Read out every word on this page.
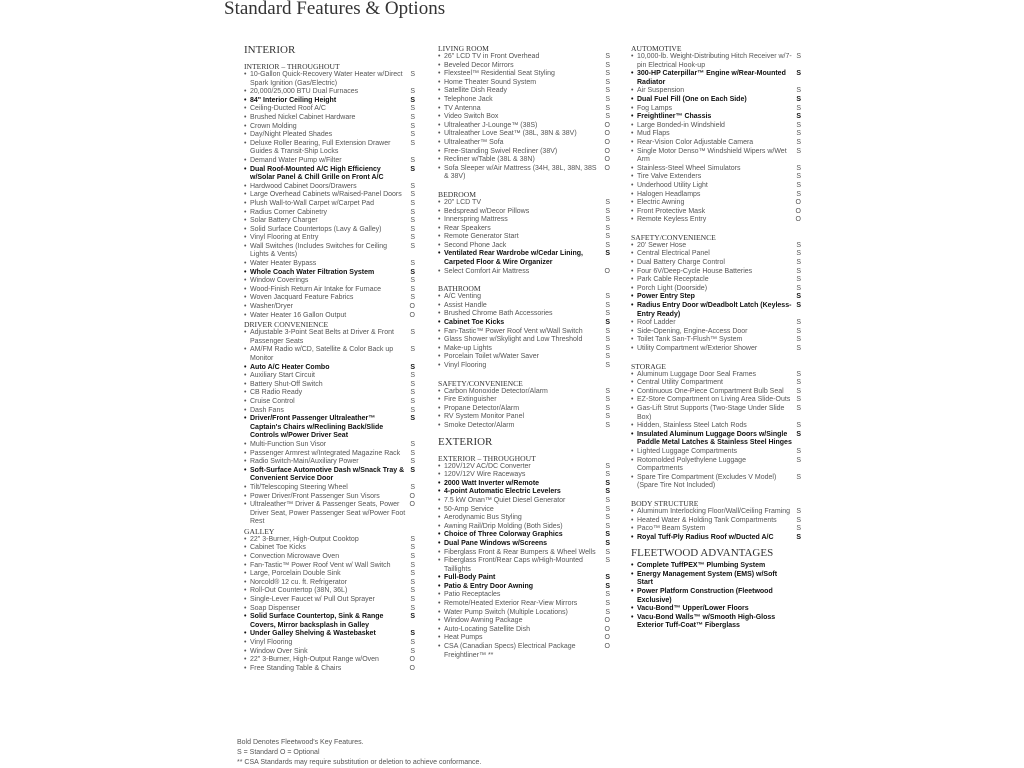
Standard Features & Options
INTERIOR
INTERIOR – THROUGHOUT
• 10-Gallon Quick-Recovery Water Heater w/Direct Spark Ignition (Gas/Electric)
S
• 20,000/25,000 BTU Dual Furnaces	S
• 84" Interior Ceiling Height	S
• Ceiling-Ducted Roof A/C	S
• Brushed Nickel Cabinet Hardware	S
• Crown Molding	S
• Day/Night Pleated Shades	S
• Deluxe Roller Bearing, Full Extension Drawer Guides & Transit-Ship Locks
S
• Demand Water Pump w/Filter	S
• Dual Roof-Mounted A/C High Efficiency w/Solar Panel & Chill Grille on Front A/C
S
• Hardwood Cabinet Doors/Drawers	S
• Large Overhead Cabinets w/Raised-Panel Doors	S
• Plush Wall-to-Wall Carpet w/Carpet Pad	S
• Radius Corner Cabinetry	S
• Solar Battery Charger	S
• Solid Surface Countertops (Lavy & Galley)	S
• Vinyl Flooring at Entry	S
• Wall Switches (Includes Switches for Ceiling Lights & Vents)
S
• Water Heater Bypass	S
• Whole Coach Water Filtration System	S
• Window Coverings	S
• Wood-Finish Return Air Intake for Furnace	S
• Woven Jacquard Feature Fabrics	S
• Washer/Dryer	O
• Water Heater 16 Gallon Output	O
DRIVER CONVENIENCE
• Adjustable 3-Point Seat Belts at Driver & Front Passenger Seats
S
• AM/FM Radio w/CD, Satellite & Color Back up Monitor
S
• Auto A/C Heater Combo	S
• Auxiliary Start Circuit	S
• Battery Shut-Off Switch	S
• CB Radio Ready	S
• Cruise Control	S
• Dash Fans	S
• Driver/Front Passenger Ultraleather™ Captain's Chairs w/Reclining Back/Slide Controls w/Power Driver Seat
S
• Multi-Function Sun Visor	S
• Passenger Armrest w/Integrated Magazine Rack	S
• Radio Switch-Main/Auxiliary Power	S
• Soft-Surface Automotive Dash w/Snack Tray & Convenient Service Door
S
• Tilt/Telescoping Steering Wheel	S
• Power Driver/Front Passenger Sun Visors	O
• Ultraleather™ Driver & Passenger Seats, Power Driver Seat, Power Passenger Seat w/Power Foot Rest
O
GALLEY
• 22" 3-Burner, High-Output Cooktop	S
• Cabinet Toe Kicks	S
• Convection Microwave Oven	S
• Fan-Tastic™ Power Roof Vent w/ Wall Switch	S
• Large, Porcelain Double Sink	S
• Norcold® 12 cu. ft. Refrigerator	S
• Roll-Out Countertop (38N, 36L)	S
• Single-Lever Faucet w/ Pull Out Sprayer	S
• Soap Dispenser	S
• Solid Surface Countertop, Sink & Range Covers, Mirror backsplash in Galley
S
• Under Galley Shelving & Wastebasket	S
• Vinyl Flooring	S
• Window Over Sink	S
• 22" 3-Burner, High-Output Range w/Oven	O
• Free Standing Table & Chairs	O
LIVING ROOM
• 26" LCD TV in Front Overhead	S
• Beveled Decor Mirrors	S
• Flexsteel™ Residential Seat Styling	S
• Home Theater Sound System	S
• Satellite Dish Ready	S
• Telephone Jack	S
• TV Antenna	S
• Video Switch Box	S
• Ultraleather J-Lounge™ (38S)	O
• Ultraleather Love Seat™ (38L, 38N & 38V)	O
• Ultraleather™ Sofa	O
• Free-Standing Swivel Recliner (38V)	O
• Recliner w/Table (38L & 38N)	O
• Sofa Sleeper w/Air Mattress (34H, 38L, 38N, 38S & 38V)
O
BEDROOM
• 20" LCD TV	S
• Bedspread w/Decor Pillows	S
• Innerspring Mattress	S
• Rear Speakers	S
• Remote Generator Start	S
• Second Phone Jack	S
• Ventilated Rear Wardrobe w/Cedar Lining, Carpeted Floor & Wire Organizer
S
• Select Comfort Air Mattress	O
BATHROOM
• A/C Venting	S
• Assist Handle	S
• Brushed Chrome Bath Accessories	S
• Cabinet Toe Kicks	S
• Fan-Tastic™ Power Roof Vent w/Wall Switch	S
• Glass Shower w/Skylight and Low Threshold	S
• Make-up Lights	S
• Porcelain Toilet w/Water Saver	S
• Vinyl Flooring	S
SAFETY/CONVENIENCE
• Carbon Monoxide Detector/Alarm	S
• Fire Extinguisher	S
• Propane Detector/Alarm	S
• RV System Monitor Panel	S
• Smoke Detector/Alarm	S
EXTERIOR
EXTERIOR – THROUGHOUT
• 120V/12V AC/DC Converter	S
• 120V/12V Wire Raceways	S
• 2000 Watt Inverter w/Remote	S
• 4-point Automatic Electric Levelers	S
• 7.5 kW Onan™ Quiet Diesel Generator	S
• 50-Amp Service	S
• Aerodynamic Bus Styling	S
• Awning Rail/Drip Molding (Both Sides)	S
• Choice of Three Colorway Graphics	S
• Dual Pane Windows w/Screens	S
• Fiberglass Front & Rear Bumpers & Wheel Wells	S
• Fiberglass Front/Rear Caps w/High-Mounted Taillights
S
• Full-Body Paint	S
• Patio & Entry Door Awning	S
• Patio Receptacles	S
• Remote/Heated Exterior Rear-View Mirrors	S
• Water Pump Switch (Multiple Locations)	S
• Window Awning Package	O
• Auto-Locating Satellite Dish	O
• Heat Pumps	O
• CSA (Canadian Specs) Electrical Package Freightliner™ **
O
AUTOMOTIVE
• 10,000-lb. Weight-Distributing Hitch Receiver w/7-pin Electrical Hook-up
S
• 300-HP Caterpillar™ Engine w/Rear-Mounted Radiator
S
• Air Suspension	S
• Dual Fuel Fill (One on Each Side)	S
• Fog Lamps	S
• Freightliner™ Chassis	S
• Large Bonded-in Windshield	S
• Mud Flaps	S
• Rear-Vision Color Adjustable Camera	S
• Single Motor Denso™ Windshield Wipers w/Wet Arm
S
• Stainless-Steel Wheel Simulators	S
• Tire Valve Extenders	S
• Underhood Utility Light	S
• Halogen Headlamps	S
• Electric Awning	O
• Front Protective Mask	O
• Remote Keyless Entry	O
SAFETY/CONVENIENCE
• 20' Sewer Hose	S
• Central Electrical Panel	S
• Dual Battery Charge Control	S
• Four 6V/Deep-Cycle House Batteries	S
• Park Cable Receptacle	S
• Porch Light (Doorside)	S
• Power Entry Step	S
• Radius Entry Door w/Deadbolt Latch (Keyless-Entry Ready)
S
• Roof Ladder	S
• Side-Opening, Engine-Access Door	S
• Toilet Tank San-T-Flush™ System	S
• Utility Compartment w/Exterior Shower	S
STORAGE
• Aluminum Luggage Door Seal Frames	S
• Central Utility Compartment	S
• Continuous One-Piece Compartment Bulb Seal	S
• EZ-Store Compartment on Living Area Slide-Outs S
• Gas-Lift Strut Supports (Two-Stage Under Slide Box)
S
• Hidden, Stainless Steel Latch Rods	S
• Insulated Aluminum Luggage Doors w/Single Paddle Metal Latches & Stainless Steel Hinges
S
• Lighted Luggage Compartments	S
• Rotomolded Polyethylene Luggage Compartments
S
• Spare Tire Compartment (Excludes V Model) (Spare Tire Not Included)
S
BODY STRUCTURE
• Aluminum Interlocking Floor/Wall/Ceiling Framing S
• Heated Water & Holding Tank Compartments	S
• Paco™ Beam System	S
• Royal Tuff-Ply Radius Roof w/Ducted A/C	S
FLEETWOOD ADVANTAGES
• Complete TuffPEX™ Plumbing System
• Energy Management System (EMS) w/Soft Start
• Power Platform Construction (Fleetwood Exclusive)
• Vacu-Bond™ Upper/Lower Floors
• Vacu-Bond Walls™ w/Smooth High-Gloss Exterior Tuff-Coat™ Fiberglass
Bold Denotes Fleetwood's Key Features.
S = Standard O = Optional
** CSA Standards may require substitution or deletion to achieve conformance.
